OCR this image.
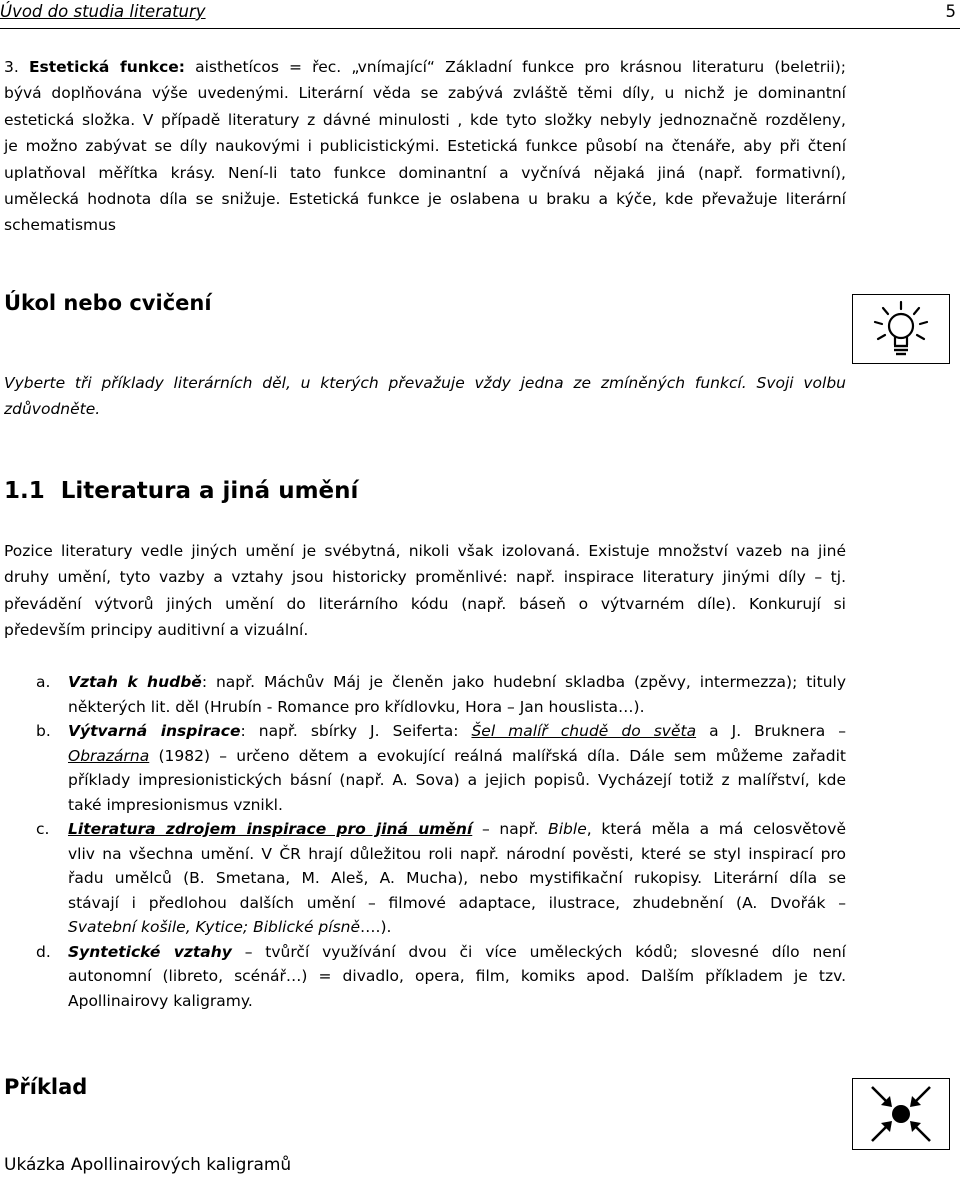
Úvod do studia literatury	5
3. Estetická funkce: aisthetícos = řec. „vnímající“ Základní funkce pro krásnou literaturu (beletrii);
bývá doplňována výše uvedenými. Literární věda se zabývá zvláště těmi díly, u nichž je dominantní
estetická složka. V případě literatury z dávné minulosti , kde tyto složky nebyly jednoznačně rozděleny,
je možno zabývat se díly naukovými i publicistickými. Estetická funkce působí na čtenáře, aby při čtení
uplatňoval měřítka krásy. Není-li tato funkce dominantní a vyčnívá nějaká jiná (např. formativní),
umělecká hodnota díla se snižuje. Estetická funkce je oslabena u braku a kýče, kde převažuje literární
schematismus
Úkol nebo cvičení
Vyberte tři příklady literárních děl, u kterých převažuje vždy jedna ze zmíněných funkcí. Svoji volbu
zdůvodněte.
1.1  Literatura a jiná umění
Pozice literatury vedle jiných umění je svébytná, nikoli však izolovaná. Existuje množství vazeb na jiné
druhy umění, tyto vazby a vztahy jsou historicky proměnlivé: např. inspirace literatury jinými díly – tj.
převádění výtvorů jiných umění do literárního kódu (např. báseň o výtvarném díle). Konkurují si
především principy auditivní a vizuální.
a. Vztah k hudbě: např. Máchův Máj je členěn jako hudební skladba (zpěvy, intermezza); tituly
některých lit. děl (Hrubín - Romance pro křídlovku, Hora – Jan houslista…).
b. Výtvarná inspirace: např. sbírky J. Seiferta: Šel malíř chudě do světa a J. Bruknera –
Obrazárna (1982) – určeno dětem a evokující reálná malířská díla. Dále sem můžeme zařadit
příklady impresionistických básní (např. A. Sova) a jejich popisů. Vycházejí totiž z malířství, kde
také impresionismus vznikl.
c. Literatura zdrojem inspirace pro jiná umění – např. Bible, která měla a má celosvětově
vliv na všechna umění. V ČR hrají důležitou roli např. národní pověsti, které se styl inspirací pro
řadu umělců (B. Smetana, M. Aleš, A. Mucha), nebo mystifikační rukopisy. Literární díla se
stávají i předlohou dalších umění – filmové adaptace, ilustrace, zhudebnění (A. Dvořák –
Svatební košile, Kytice; Biblické písně….).
d. Syntetické vztahy – tvůrčí využívání dvou či více uměleckých kódů; slovesné dílo není
autonomní (libreto, scénář…) = divadlo, opera, film, komiks apod. Dalším příkladem je tzv.
Apollinairovy kaligramy.
Příklad
Ukázka Apollinairových kaligramů
